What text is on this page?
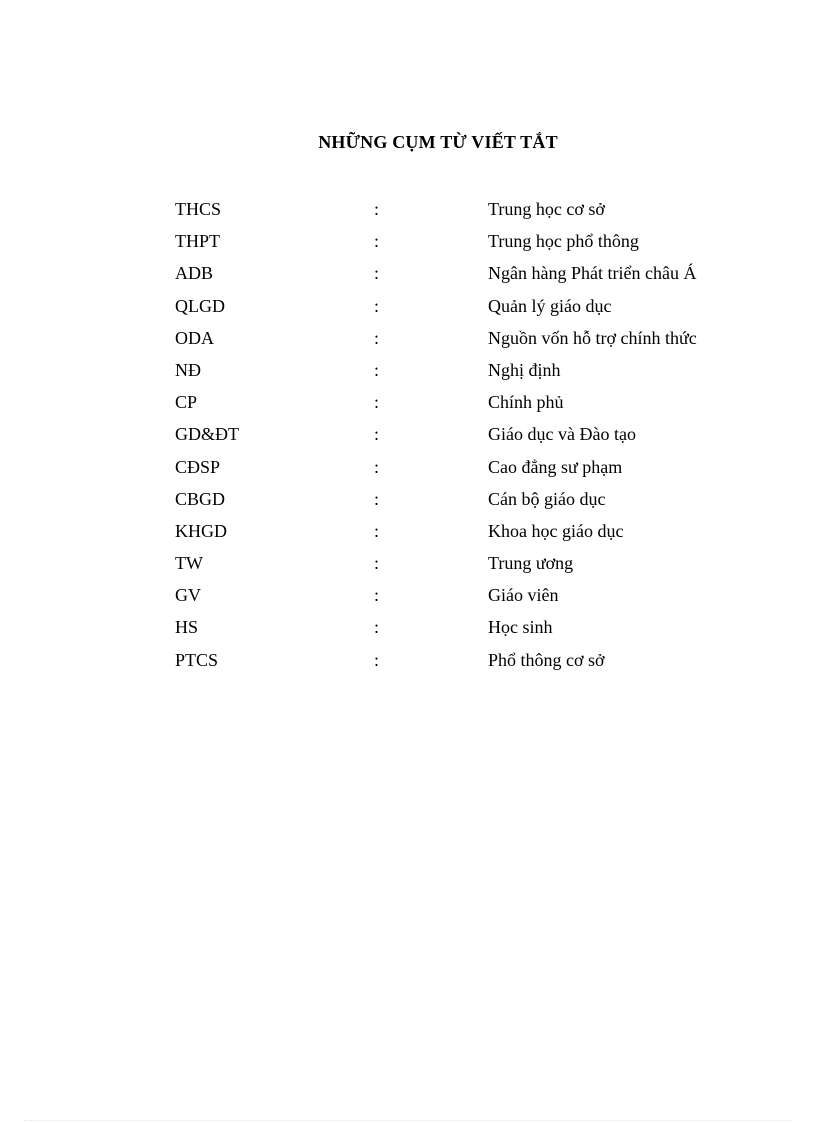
NHỮNG CỤM TỪ VIẾT TẮT
THCS	:	Trung học cơ sở
THPT	:	Trung học phổ thông
ADB	:	Ngân hàng Phát triển châu Á
QLGD	:	Quản lý giáo dục
ODA	:	Nguồn vốn hỗ trợ chính thức
NĐ	:	Nghị định
CP	:	Chính phủ
GD&ĐT	:	Giáo dục và Đào tạo
CĐSP	:	Cao đẳng sư phạm
CBGD	:	Cán bộ giáo dục
KHGD	:	Khoa học giáo dục
TW	:	Trung ương
GV	:	Giáo viên
HS	:	Học sinh
PTCS	:	Phổ thông cơ sở
